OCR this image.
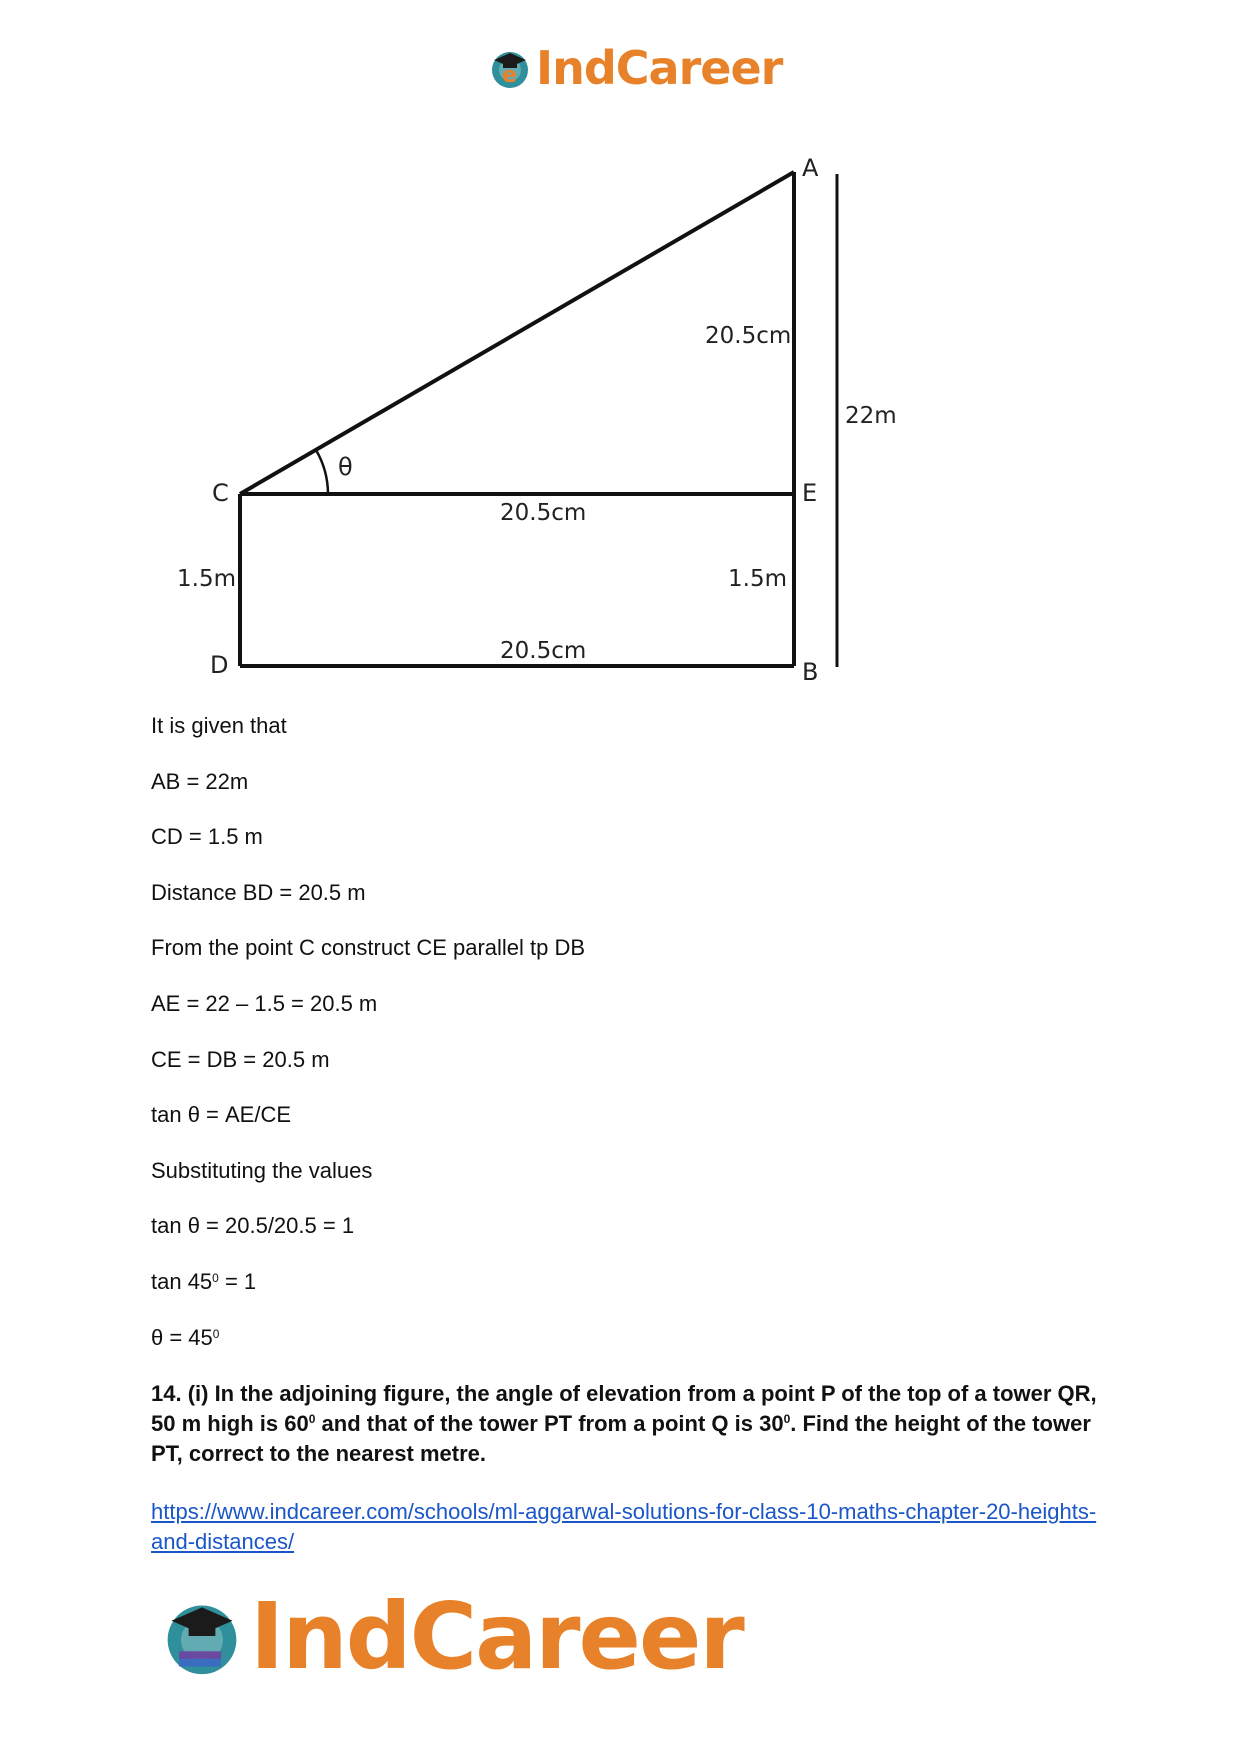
e IndCareer
A
E
B
C
D
θ
20.5cm
20.5cm
20.5cm
1.5m	1.5m
22m

It is given that

AB = 22m

CD = 1.5 m

Distance BD = 20.5 m

From the point C construct CE parallel tp DB

AE = 22 – 1.5 = 20.5 m

CE = DB = 20.5 m

tan θ = AE/CE

Substituting the values

tan θ = 20.5/20.5 = 1

$\tan 45^0 = 1$

$\theta = 45^0$

14. (i) In the adjoining figure, the angle of elevation from a point P of the top of a tower QR, 50 m high is $60^0$ and that of the tower PT from a point Q is $30^0$. Find the height of the tower PT, correct to the nearest metre.
https://www.indcareer.com/schools/ml-aggarwal-solutions-for-class-10-maths-chapter-20-heights-and-distances/
IndCareer
